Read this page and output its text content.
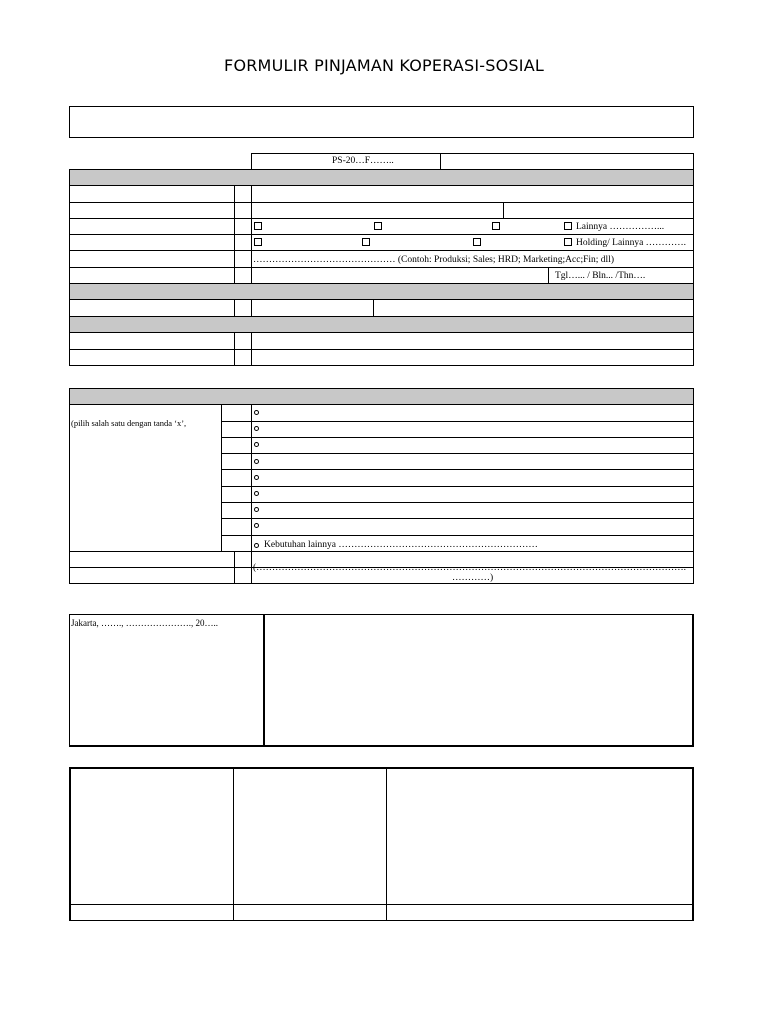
FORMULIR PINJAMAN KOPERASI-SOSIAL
PS-20…F……..
Lainnya ……………...
Holding/ Lainnya ………….
……………………………………… (Contoh: Produksi; Sales; HRD; Marketing;Acc;Fin; dll)
Tgl…... / Bln... /Thn….
(pilih salah satu dengan tanda ‘x’,
Kebutuhan lainnya ………………………………………………………
(……………………………………………………………………………………………………………………….
…………)
Jakarta, ……., …………………., 20…..
